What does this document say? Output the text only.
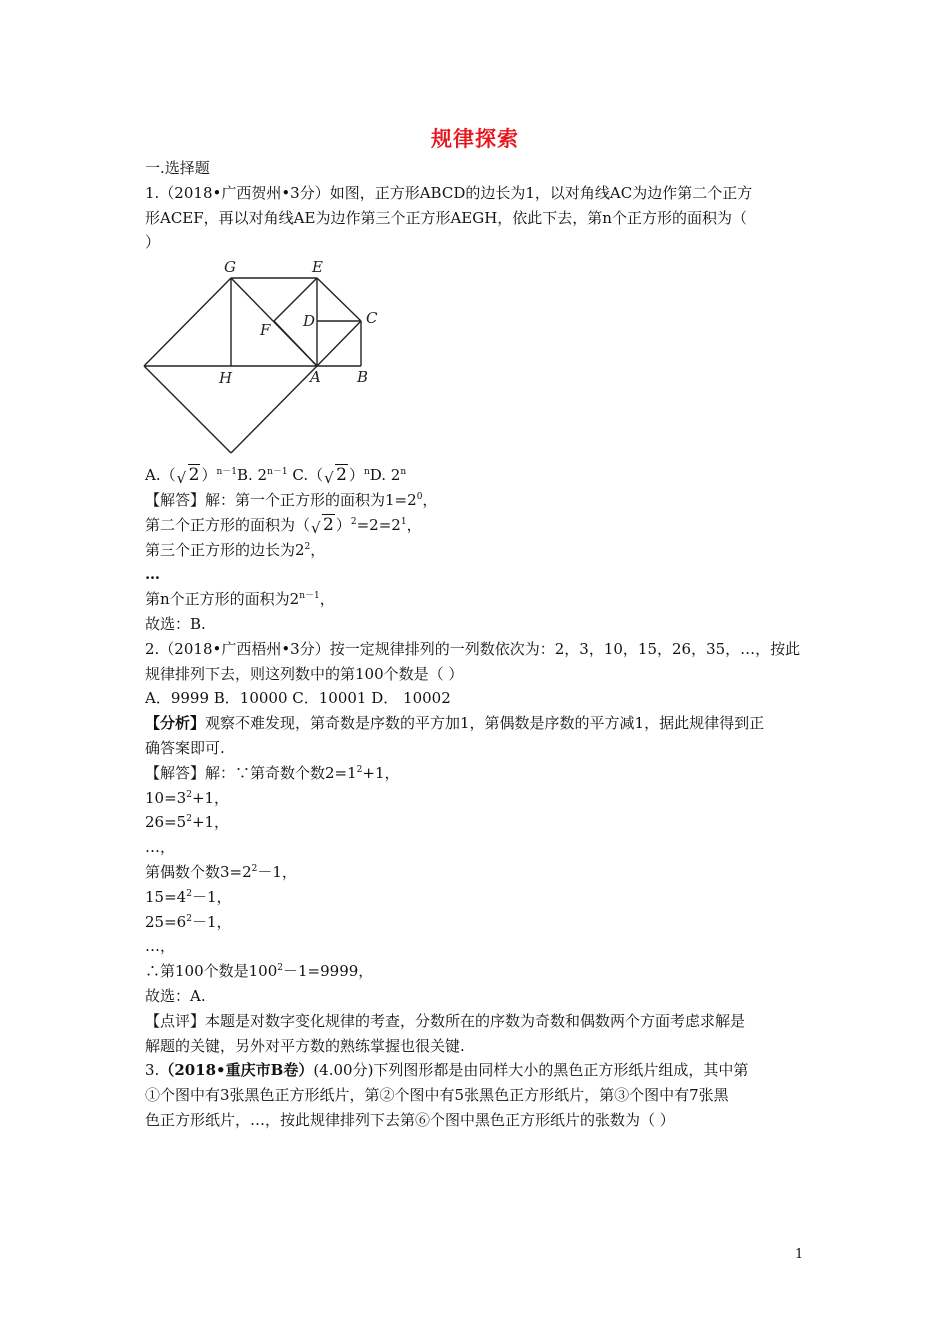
规律探索
一.选择题
1.（2018•广西贺州•3分）如图，正方形ABCD的边长为1，以对角线AC为边作第二个正方
形ACEF，再以对角线AE为边作第三个正方形AEGH，依此下去，第n个正方形的面积为（
）
G	E
F D	C
H	A B
A.（ √ 2 ）$^{n-1}$B. $2^{n-1}$ C.（ √ 2 ）$^n$D. 2$^n$
【解答】解：第一个正方形的面积为$1=2^0$，
第二个正方形的面积为（ √ 2 ）$^2=2=2^1$，
第三个正方形的边长为$2^2$，
…
第n个正方形的面积为$2^{n-1}$，
故选：B.
2.（2018•广西梧州•3分）按一定规律排列的一列数依次为：2，3，10，15，26，35，…，按此
规律排列下去，则这列数中的第100个数是（ ）
A．9999 B．10000 C．10001 D． 10002
【分析】观察不难发现，第奇数是序数的平方加1，第偶数是序数的平方减1，据此规律得到正
确答案即可.
【解答】解：∵第奇数个数$2=1^2+1$，
$10=3^2+1$，
$26=5^2+1$，
…，
第偶数个数$3=2^2-1$，
$15=4^2-1$，
$25=6^2-1$，
…，
∴第100个数是$100^2-1=9999$，
故选：A.
【点评】本题是对数字变化规律的考查，分数所在的序数为奇数和偶数两个方面考虑求解是
解题的关键，另外对平方数的熟练掌握也很关键.
3.（2018•重庆市B卷）(4.00分)下列图形都是由同样大小的黑色正方形纸片组成，其中第
①个图中有3张黑色正方形纸片，第②个图中有5张黑色正方形纸片，第③个图中有7张黑
色正方形纸片，…，按此规律排列下去第⑥个图中黑色正方形纸片的张数为（ ）
1
